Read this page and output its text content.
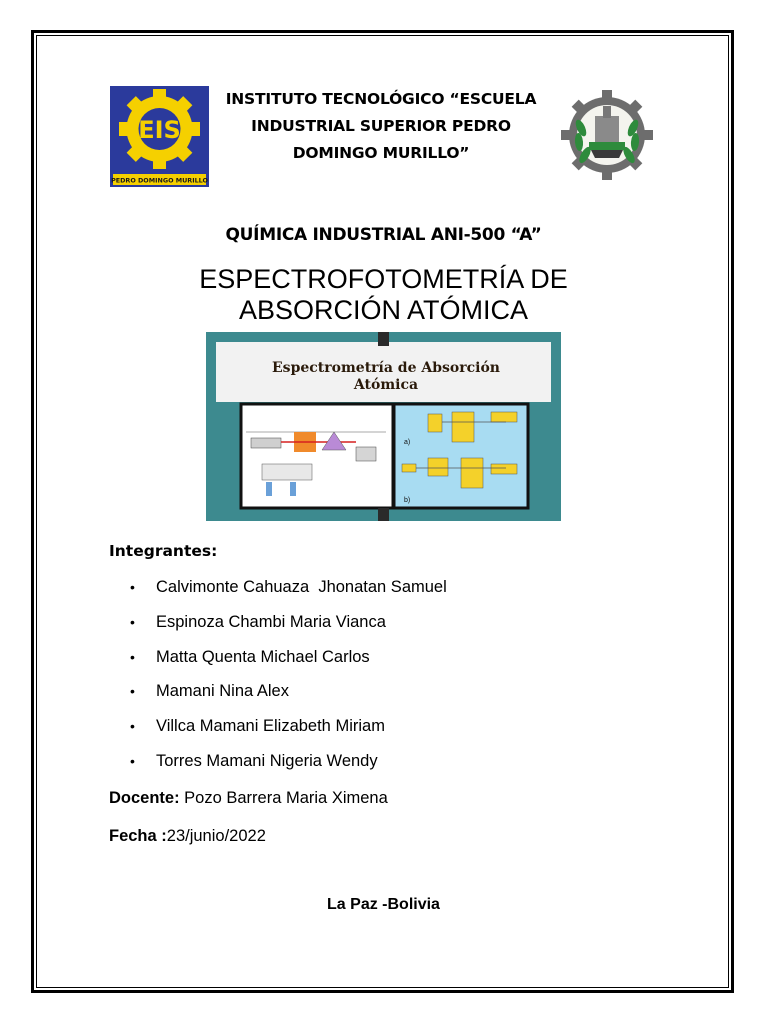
EIS
PEDRO DOMINGO MURILLO
INSTITUTO TECNOLÓGICO “ESCUELA
INDUSTRIAL SUPERIOR PEDRO
DOMINGO MURILLO”
QUÍMICA INDUSTRIAL ANI-500 “A”
ESPECTROFOTOMETRÍA DE
ABSORCIÓN ATÓMICA
Espectrometría de Absorción
Atómica
a)
b)
Integrantes:
• Calvimonte Cahuaza  Jhonatan Samuel
• Espinoza Chambi Maria Vianca
• Matta Quenta Michael Carlos
• Mamani Nina Alex
• Villca Mamani Elizabeth Miriam
• Torres Mamani Nigeria Wendy
Docente: Pozo Barrera Maria Ximena
Fecha :23/junio/2022
La Paz -Bolivia
